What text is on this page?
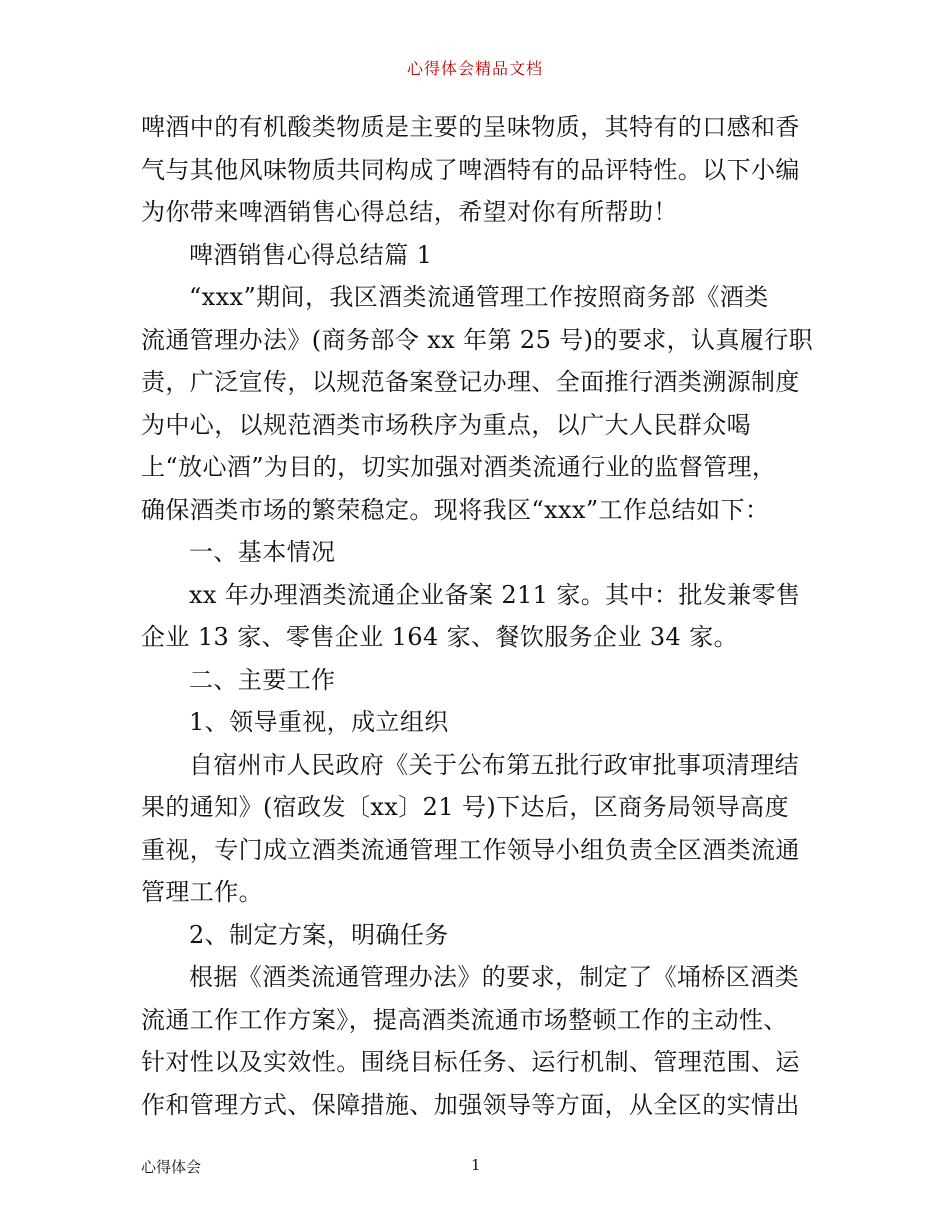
心得体会精品文档
啤酒中的有机酸类物质是主要的呈味物质，其特有的口感和香
气与其他风味物质共同构成了啤酒特有的品评特性。以下小编
为你带来啤酒销售心得总结，希望对你有所帮助！
啤酒销售心得总结篇 1
“xxx”期间，我区酒类流通管理工作按照商务部《酒类
流通管理办法》(商务部令 xx 年第 25 号)的要求，认真履行职
责，广泛宣传，以规范备案登记办理、全面推行酒类溯源制度
为中心，以规范酒类市场秩序为重点，以广大人民群众喝
上“放心酒”为目的，切实加强对酒类流通行业的监督管理，
确保酒类市场的繁荣稳定。现将我区“xxx”工作总结如下：
一、基本情况
xx 年办理酒类流通企业备案 211 家。其中：批发兼零售
企业 13 家、零售企业 164 家、餐饮服务企业 34 家。
二、主要工作
1、领导重视，成立组织
自宿州市人民政府《关于公布第五批行政审批事项清理结
果的通知》(宿政发〔xx〕21 号)下达后，区商务局领导高度
重视，专门成立酒类流通管理工作领导小组负责全区酒类流通
管理工作。
2、制定方案，明确任务
根据《酒类流通管理办法》的要求，制定了《埇桥区酒类
流通工作工作方案》，提高酒类流通市场整顿工作的主动性、
针对性以及实效性。围绕目标任务、运行机制、管理范围、运
作和管理方式、保障措施、加强领导等方面，从全区的实情出
心得体会	1
